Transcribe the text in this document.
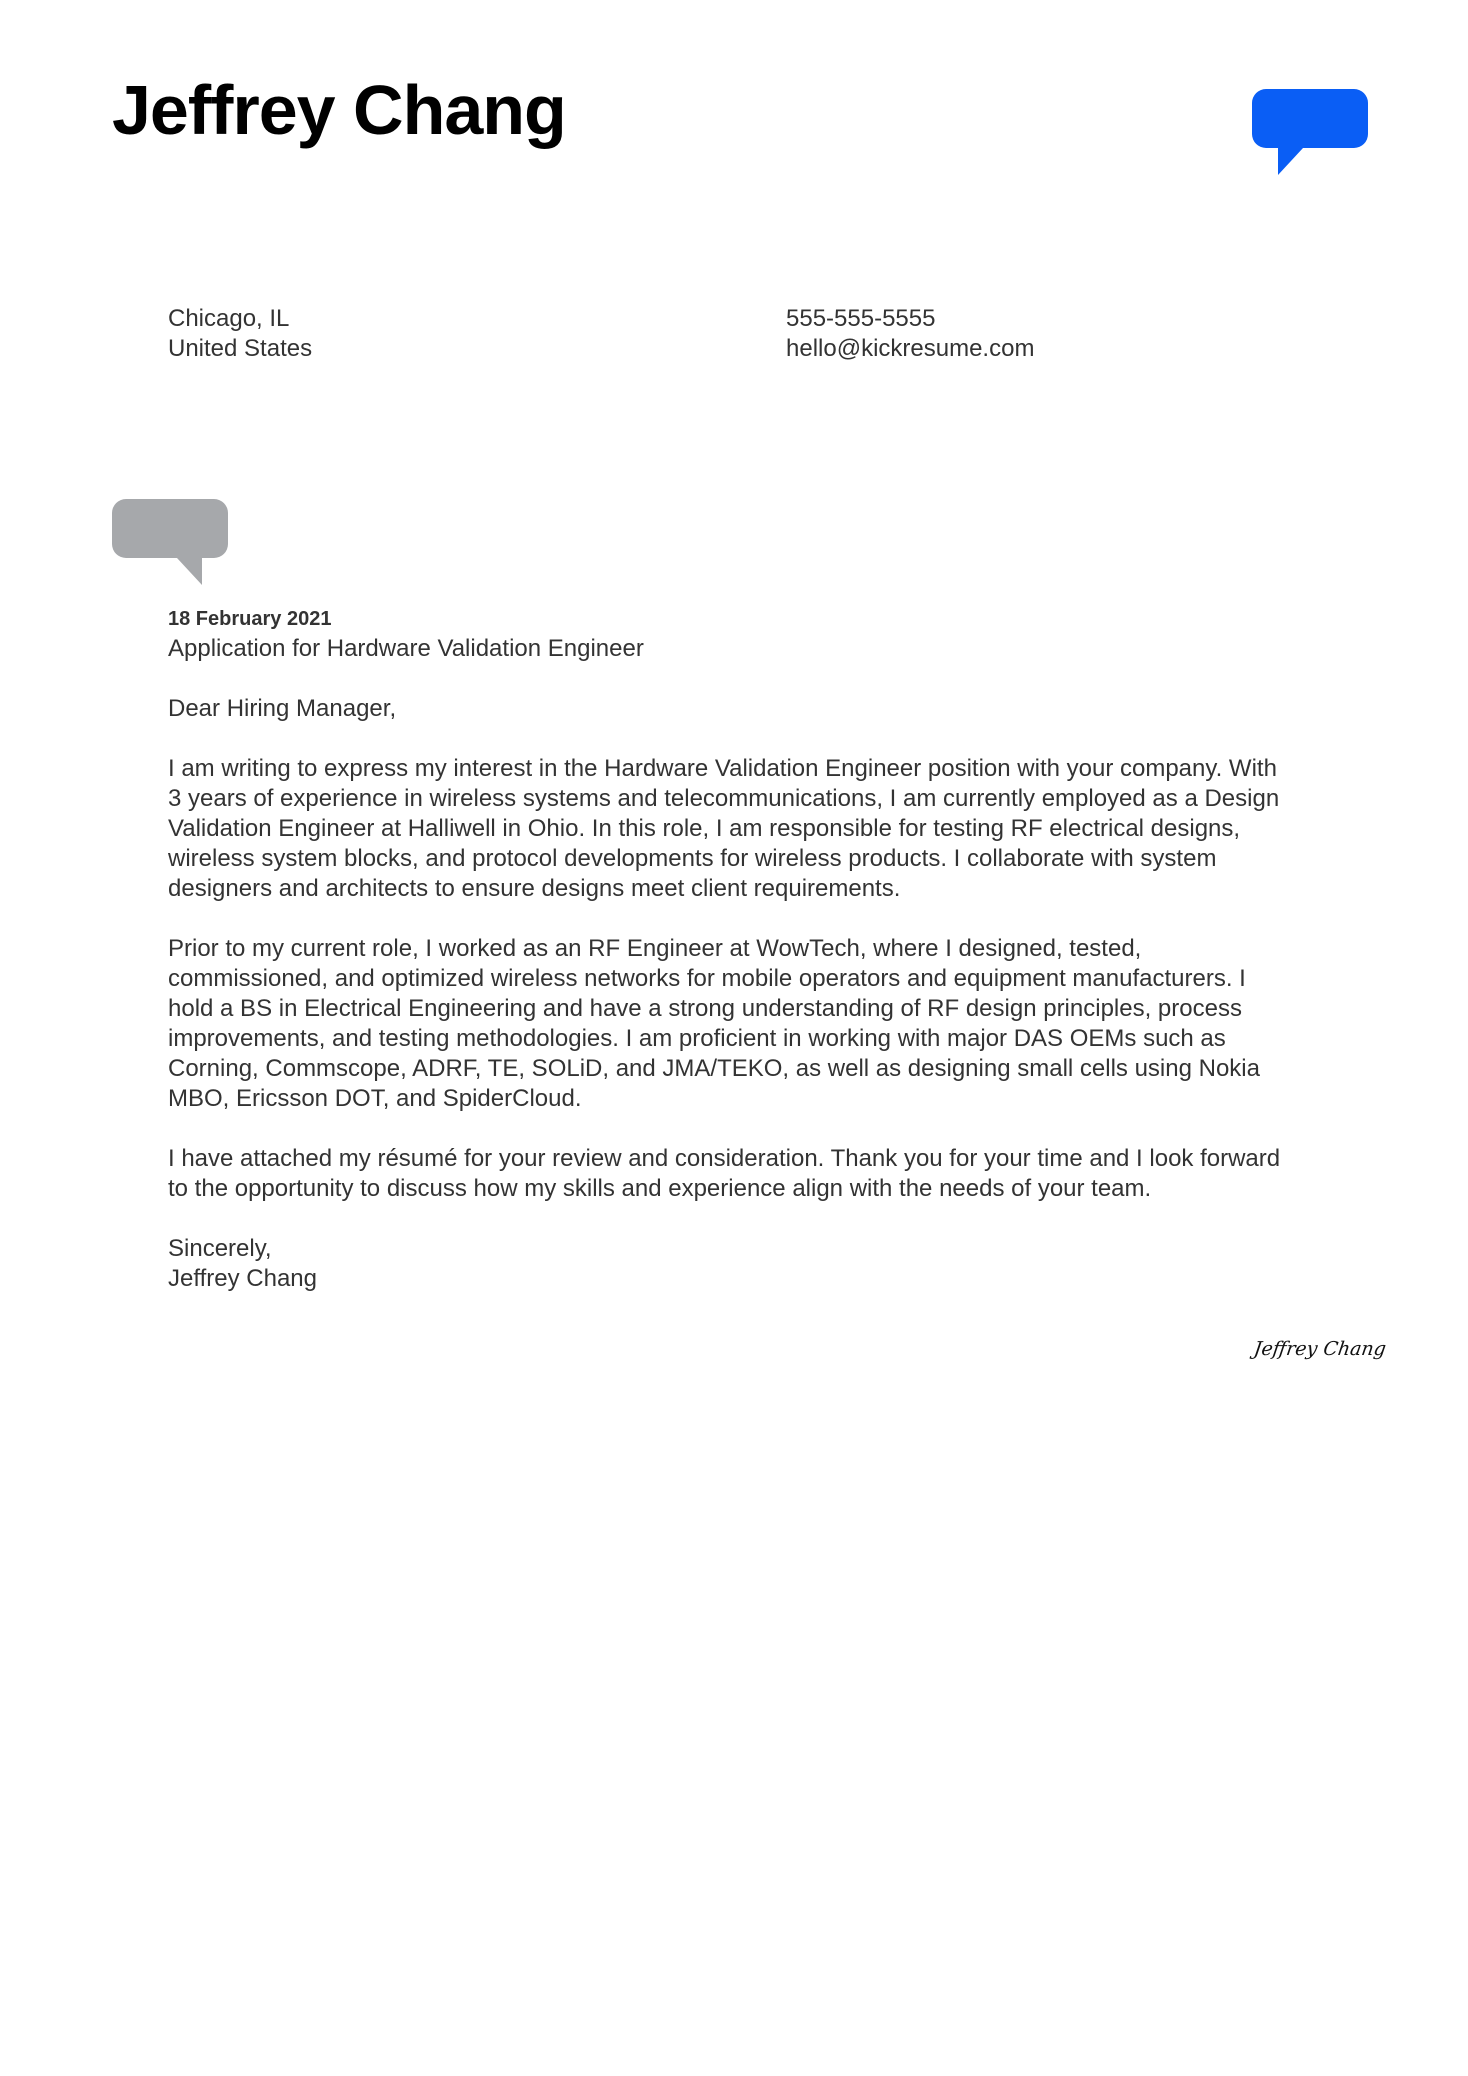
Jeffrey Chang
Chicago, IL
United States
555-555-5555
hello@kickresume.com
18 February 2021
Application for Hardware Validation Engineer
Dear Hiring Manager,
I am writing to express my interest in the Hardware Validation Engineer position with your company. With
3 years of experience in wireless systems and telecommunications, I am currently employed as a Design
Validation Engineer at Halliwell in Ohio. In this role, I am responsible for testing RF electrical designs,
wireless system blocks, and protocol developments for wireless products. I collaborate with system
designers and architects to ensure designs meet client requirements.
Prior to my current role, I worked as an RF Engineer at WowTech, where I designed, tested,
commissioned, and optimized wireless networks for mobile operators and equipment manufacturers. I
hold a BS in Electrical Engineering and have a strong understanding of RF design principles, process
improvements, and testing methodologies. I am proficient in working with major DAS OEMs such as
Corning, Commscope, ADRF, TE, SOLiD, and JMA/TEKO, as well as designing small cells using Nokia
MBO, Ericsson DOT, and SpiderCloud.
I have attached my résumé for your review and consideration. Thank you for your time and I look forward
to the opportunity to discuss how my skills and experience align with the needs of your team.
Sincerely,
Jeffrey Chang
Jeffrey Chang
